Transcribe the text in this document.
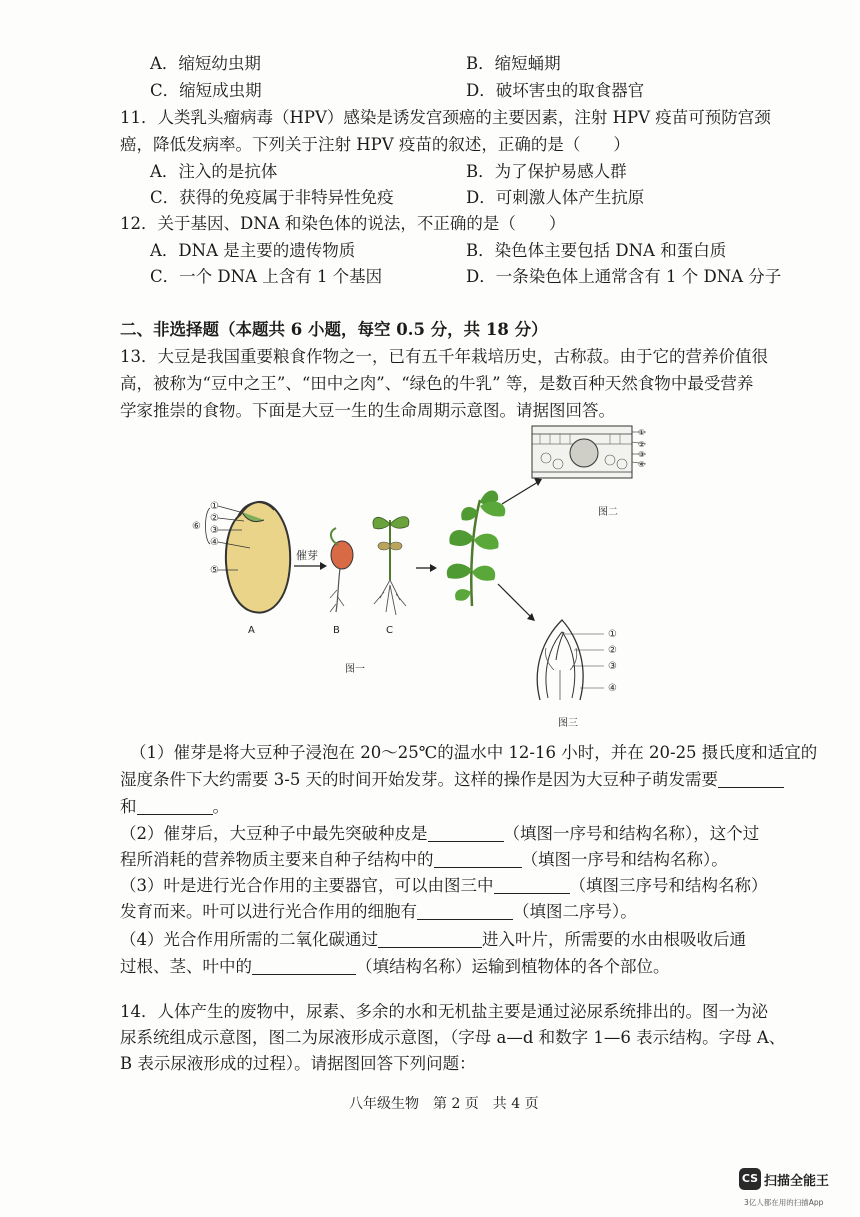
A．缩短幼虫期	B．缩短蛹期
C．缩短成虫期	D．破坏害虫的取食器官
11．人类乳头瘤病毒（HPV）感染是诱发宫颈癌的主要因素，注射 HPV 疫苗可预防宫颈
癌，降低发病率。下列关于注射 HPV 疫苗的叙述，正确的是（　　）
A．注入的是抗体	B．为了保护易感人群
C．获得的免疫属于非特异性免疫	D．可刺激人体产生抗原
12．关于基因、DNA 和染色体的说法，不正确的是（　　）
A．DNA 是主要的遗传物质	B．染色体主要包括 DNA 和蛋白质
C．一个 DNA 上含有 1 个基因	D．一条染色体上通常含有 1 个 DNA 分子
二、非选择题（本题共 6 小题，每空 0.5 分，共 18 分）
13．大豆是我国重要粮食作物之一，已有五千年栽培历史，古称菽。由于它的营养价值很
高，被称为“豆中之王”、“田中之肉”、“绿色的牛乳” 等，是数百种天然食物中最受营养
学家推崇的食物。下面是大豆一生的生命周期示意图。请据图回答。
①
②
③
④
⑤
⑥
A
催芽
B	C
①
②
③
④
图二
①
②
③
④
图一
图三
（1）催芽是将大豆种子浸泡在 20～25℃的温水中 12-16 小时，并在 20-25 摄氏度和适宜的
湿度条件下大约需要 3-5 天的时间开始发芽。这样的操作是因为大豆种子萌发需要
和	。
（2）催芽后，大豆种子中最先突破种皮是	（填图一序号和结构名称），这个过
程所消耗的营养物质主要来自种子结构中的	（填图一序号和结构名称）。
（3）叶是进行光合作用的主要器官，可以由图三中	（填图三序号和结构名称）
发育而来。叶可以进行光合作用的细胞有	（填图二序号）。
（4）光合作用所需的二氧化碳通过	进入叶片，所需要的水由根吸收后通
过根、茎、叶中的	（填结构名称）运输到植物体的各个部位。
14．人体产生的废物中，尿素、多余的水和无机盐主要是通过泌尿系统排出的。图一为泌
尿系统组成示意图，图二为尿液形成示意图，（字母 a—d 和数字 1—6 表示结构。字母 A、
B 表示尿液形成的过程）。请据图回答下列问题：
八年级生物　第 2 页　共 4 页
CS 扫描全能王
3亿人都在用的扫描App
